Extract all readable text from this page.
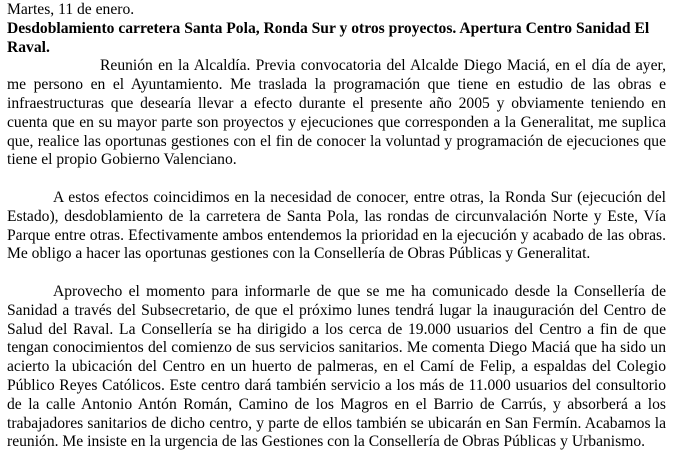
Martes, 11 de enero.

Desdoblamiento carretera Santa Pola, Ronda Sur y otros proyectos. Apertura Centro Sanidad El Raval.

Reunión en la Alcaldía. Previa convocatoria del Alcalde Diego Maciá, en el día de ayer, me persono en el Ayuntamiento. Me traslada la programación que tiene en estudio de las obras e infraestructuras que desearía llevar a efecto durante el presente año 2005 y obviamente teniendo en cuenta que en su mayor parte son proyectos y ejecuciones que corresponden a la Generalitat, me suplica que, realice las oportunas gestiones con el fin de conocer la voluntad y programación de ejecuciones que tiene el propio Gobierno Valenciano.

A estos efectos coincidimos en la necesidad de conocer, entre otras, la Ronda Sur (ejecución del Estado), desdoblamiento de la carretera de Santa Pola, las rondas de circunvalación Norte y Este, Vía Parque entre otras. Efectivamente ambos entendemos la prioridad en la ejecución y acabado de las obras. Me obligo a hacer las oportunas gestiones con la Consellería de Obras Públicas y Generalitat.

Aprovecho el momento para informarle de que se me ha comunicado desde la Consellería de Sanidad a través del Subsecretario, de que el próximo lunes tendrá lugar la inauguración del Centro de Salud del Raval. La Consellería se ha dirigido a los cerca de 19.000 usuarios del Centro a fin de que tengan conocimientos del comienzo de sus servicios sanitarios. Me comenta Diego Maciá que ha sido un acierto la ubicación del Centro en un huerto de palmeras, en el Camí de Felip, a espaldas del Colegio Público Reyes Católicos. Este centro dará también servicio a los más de 11.000 usuarios del consultorio de la calle Antonio Antón Román, Camino de los Magros en el Barrio de Carrús, y absorberá a los trabajadores sanitarios de dicho centro, y parte de ellos también se ubicarán en San Fermín. Acabamos la reunión. Me insiste en la urgencia de las Gestiones con la Consellería de Obras Públicas y Urbanismo.
